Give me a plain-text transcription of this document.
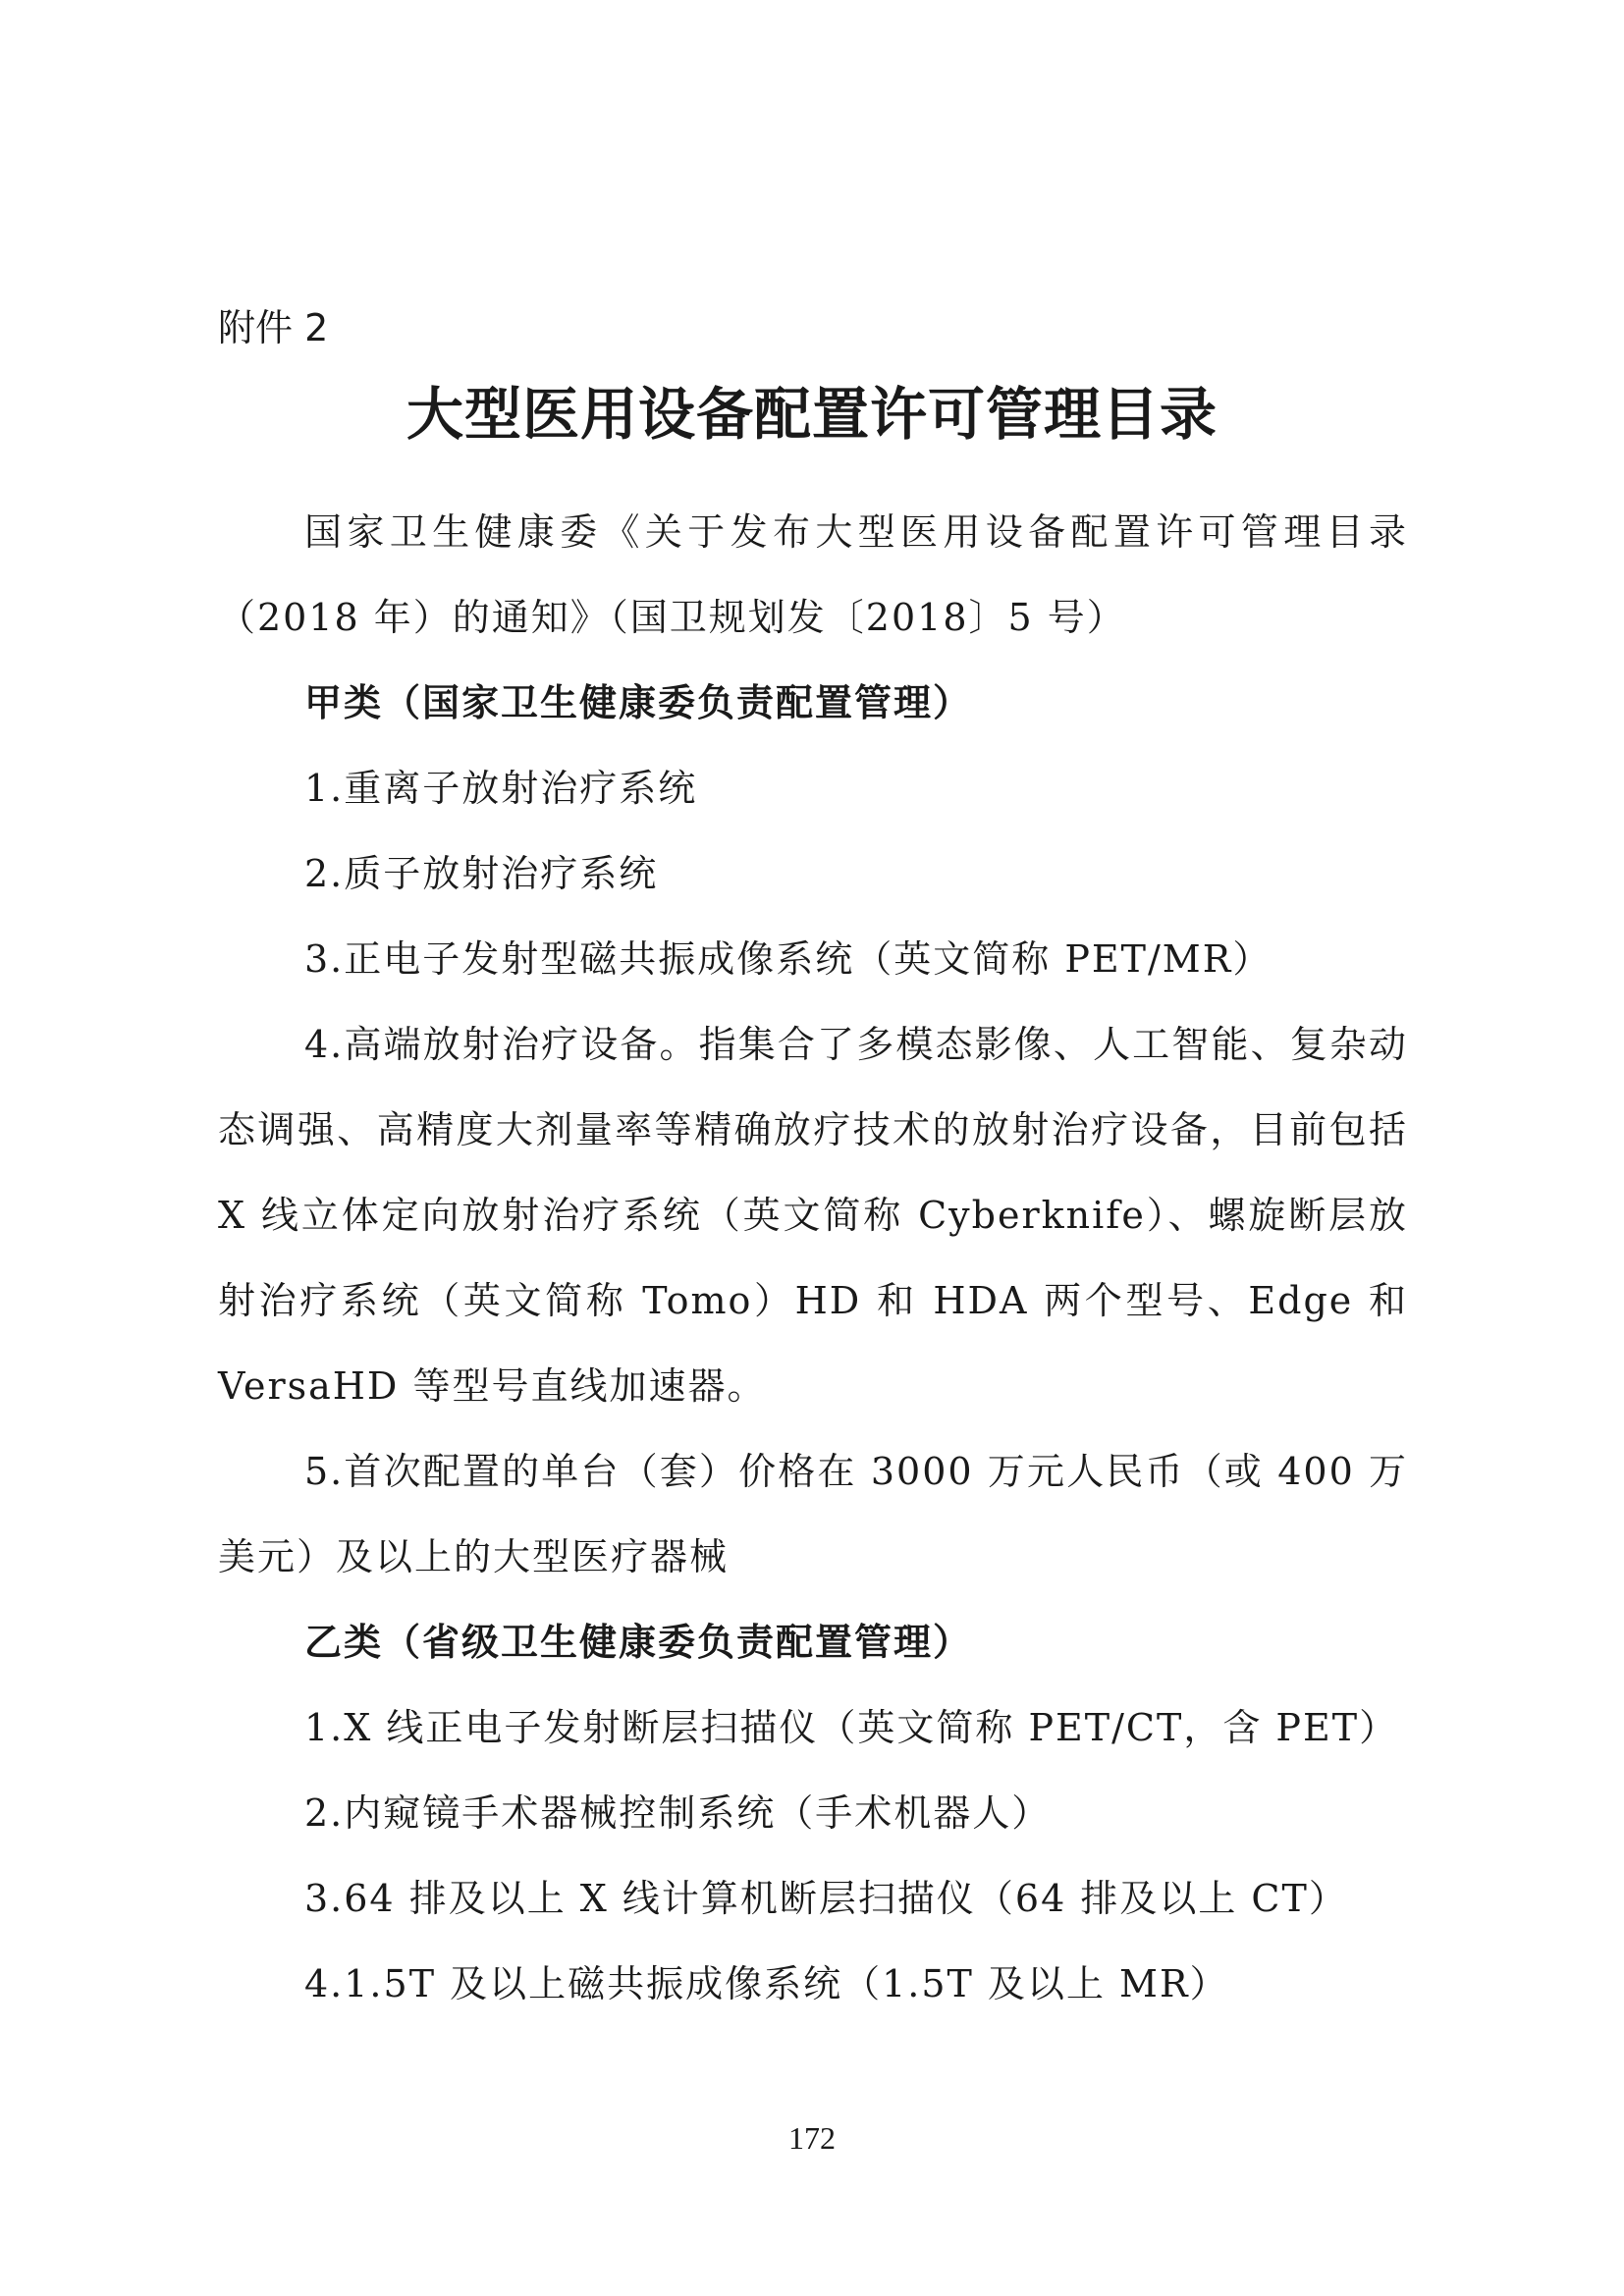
附件 2
大型医用设备配置许可管理目录

国家卫生健康委《关于发布大型医用设备配置许可管理目录（2018 年）的通知》（国卫规划发〔2018〕5 号）

甲类（国家卫生健康委负责配置管理）

1.重离子放射治疗系统

2.质子放射治疗系统

3.正电子发射型磁共振成像系统（英文简称 PET/MR）

4.高端放射治疗设备。指集合了多模态影像、人工智能、复杂动态调强、高精度大剂量率等精确放疗技术的放射治疗设备，目前包括 X 线立体定向放射治疗系统（英文简称 Cyberknife）、螺旋断层放射治疗系统（英文简称 Tomo）HD 和 HDA 两个型号、Edge 和 VersaHD 等型号直线加速器。

5.首次配置的单台（套）价格在 3000 万元人民币（或 400 万美元）及以上的大型医疗器械

乙类（省级卫生健康委负责配置管理）

1.X 线正电子发射断层扫描仪（英文简称 PET/CT，含 PET）

2.内窥镜手术器械控制系统（手术机器人）

3.64 排及以上 X 线计算机断层扫描仪（64 排及以上 CT）

4.1.5T 及以上磁共振成像系统（1.5T 及以上 MR）

172
